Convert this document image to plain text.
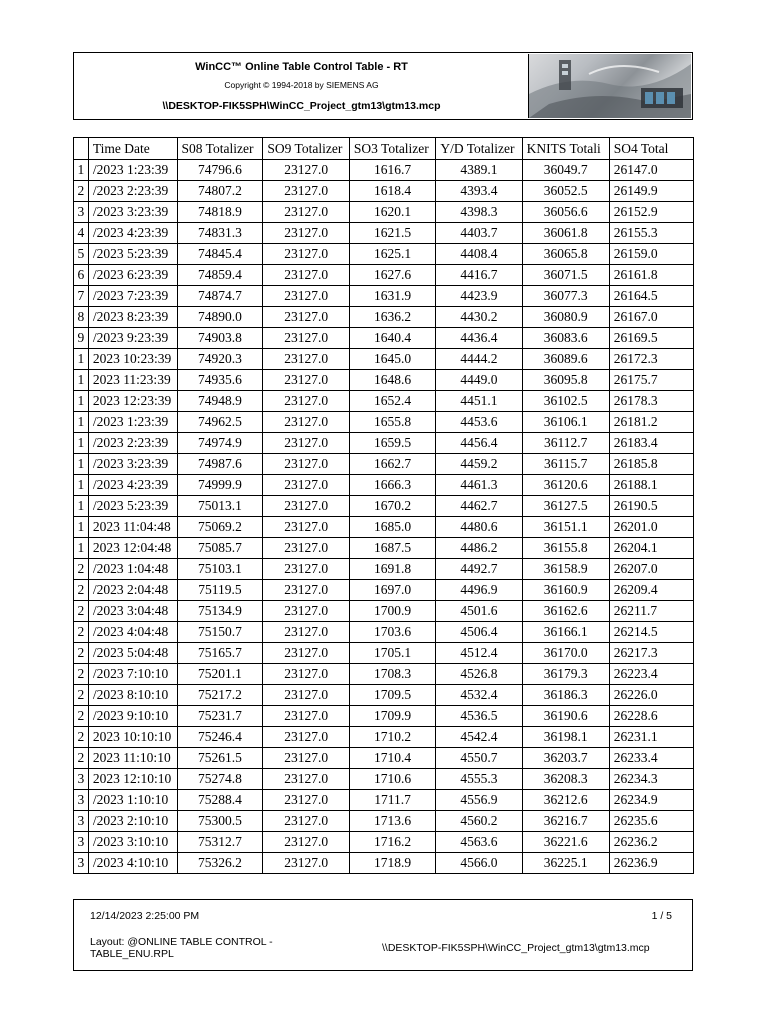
WinCC™ Online Table Control Table - RT
Copyright © 1994-2018 by SIEMENS AG
\\DESKTOP-FIK5SPH\WinCC_Project_gtm13\gtm13.mcp
	Time Date	S08 Totalizer	SO9 Totalizer	SO3 Totalizer	Y/D Totalizer	KNITS Totali	SO4 Total
1	/2023 1:23:39	74796.6	23127.0	1616.7	4389.1	36049.7	26147.0
2	/2023 2:23:39	74807.2	23127.0	1618.4	4393.4	36052.5	26149.9
3	/2023 3:23:39	74818.9	23127.0	1620.1	4398.3	36056.6	26152.9
4	/2023 4:23:39	74831.3	23127.0	1621.5	4403.7	36061.8	26155.3
5	/2023 5:23:39	74845.4	23127.0	1625.1	4408.4	36065.8	26159.0
6	/2023 6:23:39	74859.4	23127.0	1627.6	4416.7	36071.5	26161.8
7	/2023 7:23:39	74874.7	23127.0	1631.9	4423.9	36077.3	26164.5
8	/2023 8:23:39	74890.0	23127.0	1636.2	4430.2	36080.9	26167.0
9	/2023 9:23:39	74903.8	23127.0	1640.4	4436.4	36083.6	26169.5
1	2023 10:23:39	74920.3	23127.0	1645.0	4444.2	36089.6	26172.3
1	2023 11:23:39	74935.6	23127.0	1648.6	4449.0	36095.8	26175.7
1	2023 12:23:39	74948.9	23127.0	1652.4	4451.1	36102.5	26178.3
1	/2023 1:23:39	74962.5	23127.0	1655.8	4453.6	36106.1	26181.2
1	/2023 2:23:39	74974.9	23127.0	1659.5	4456.4	36112.7	26183.4
1	/2023 3:23:39	74987.6	23127.0	1662.7	4459.2	36115.7	26185.8
1	/2023 4:23:39	74999.9	23127.0	1666.3	4461.3	36120.6	26188.1
1	/2023 5:23:39	75013.1	23127.0	1670.2	4462.7	36127.5	26190.5
1	2023 11:04:48	75069.2	23127.0	1685.0	4480.6	36151.1	26201.0
1	2023 12:04:48	75085.7	23127.0	1687.5	4486.2	36155.8	26204.1
2	/2023 1:04:48	75103.1	23127.0	1691.8	4492.7	36158.9	26207.0
2	/2023 2:04:48	75119.5	23127.0	1697.0	4496.9	36160.9	26209.4
2	/2023 3:04:48	75134.9	23127.0	1700.9	4501.6	36162.6	26211.7
2	/2023 4:04:48	75150.7	23127.0	1703.6	4506.4	36166.1	26214.5
2	/2023 5:04:48	75165.7	23127.0	1705.1	4512.4	36170.0	26217.3
2	/2023 7:10:10	75201.1	23127.0	1708.3	4526.8	36179.3	26223.4
2	/2023 8:10:10	75217.2	23127.0	1709.5	4532.4	36186.3	26226.0
2	/2023 9:10:10	75231.7	23127.0	1709.9	4536.5	36190.6	26228.6
2	2023 10:10:10	75246.4	23127.0	1710.2	4542.4	36198.1	26231.1
2	2023 11:10:10	75261.5	23127.0	1710.4	4550.7	36203.7	26233.4
3	2023 12:10:10	75274.8	23127.0	1710.6	4555.3	36208.3	26234.3
3	/2023 1:10:10	75288.4	23127.0	1711.7	4556.9	36212.6	26234.9
3	/2023 2:10:10	75300.5	23127.0	1713.6	4560.2	36216.7	26235.6
3	/2023 3:10:10	75312.7	23127.0	1716.2	4563.6	36221.6	26236.2
3	/2023 4:10:10	75326.2	23127.0	1718.9	4566.0	36225.1	26236.9
12/14/2023 2:25:00 PM	1 / 5
Layout: @ONLINE TABLE CONTROL - TABLE_ENU.RPL	\\DESKTOP-FIK5SPH\WinCC_Project_gtm13\gtm13.mcp
